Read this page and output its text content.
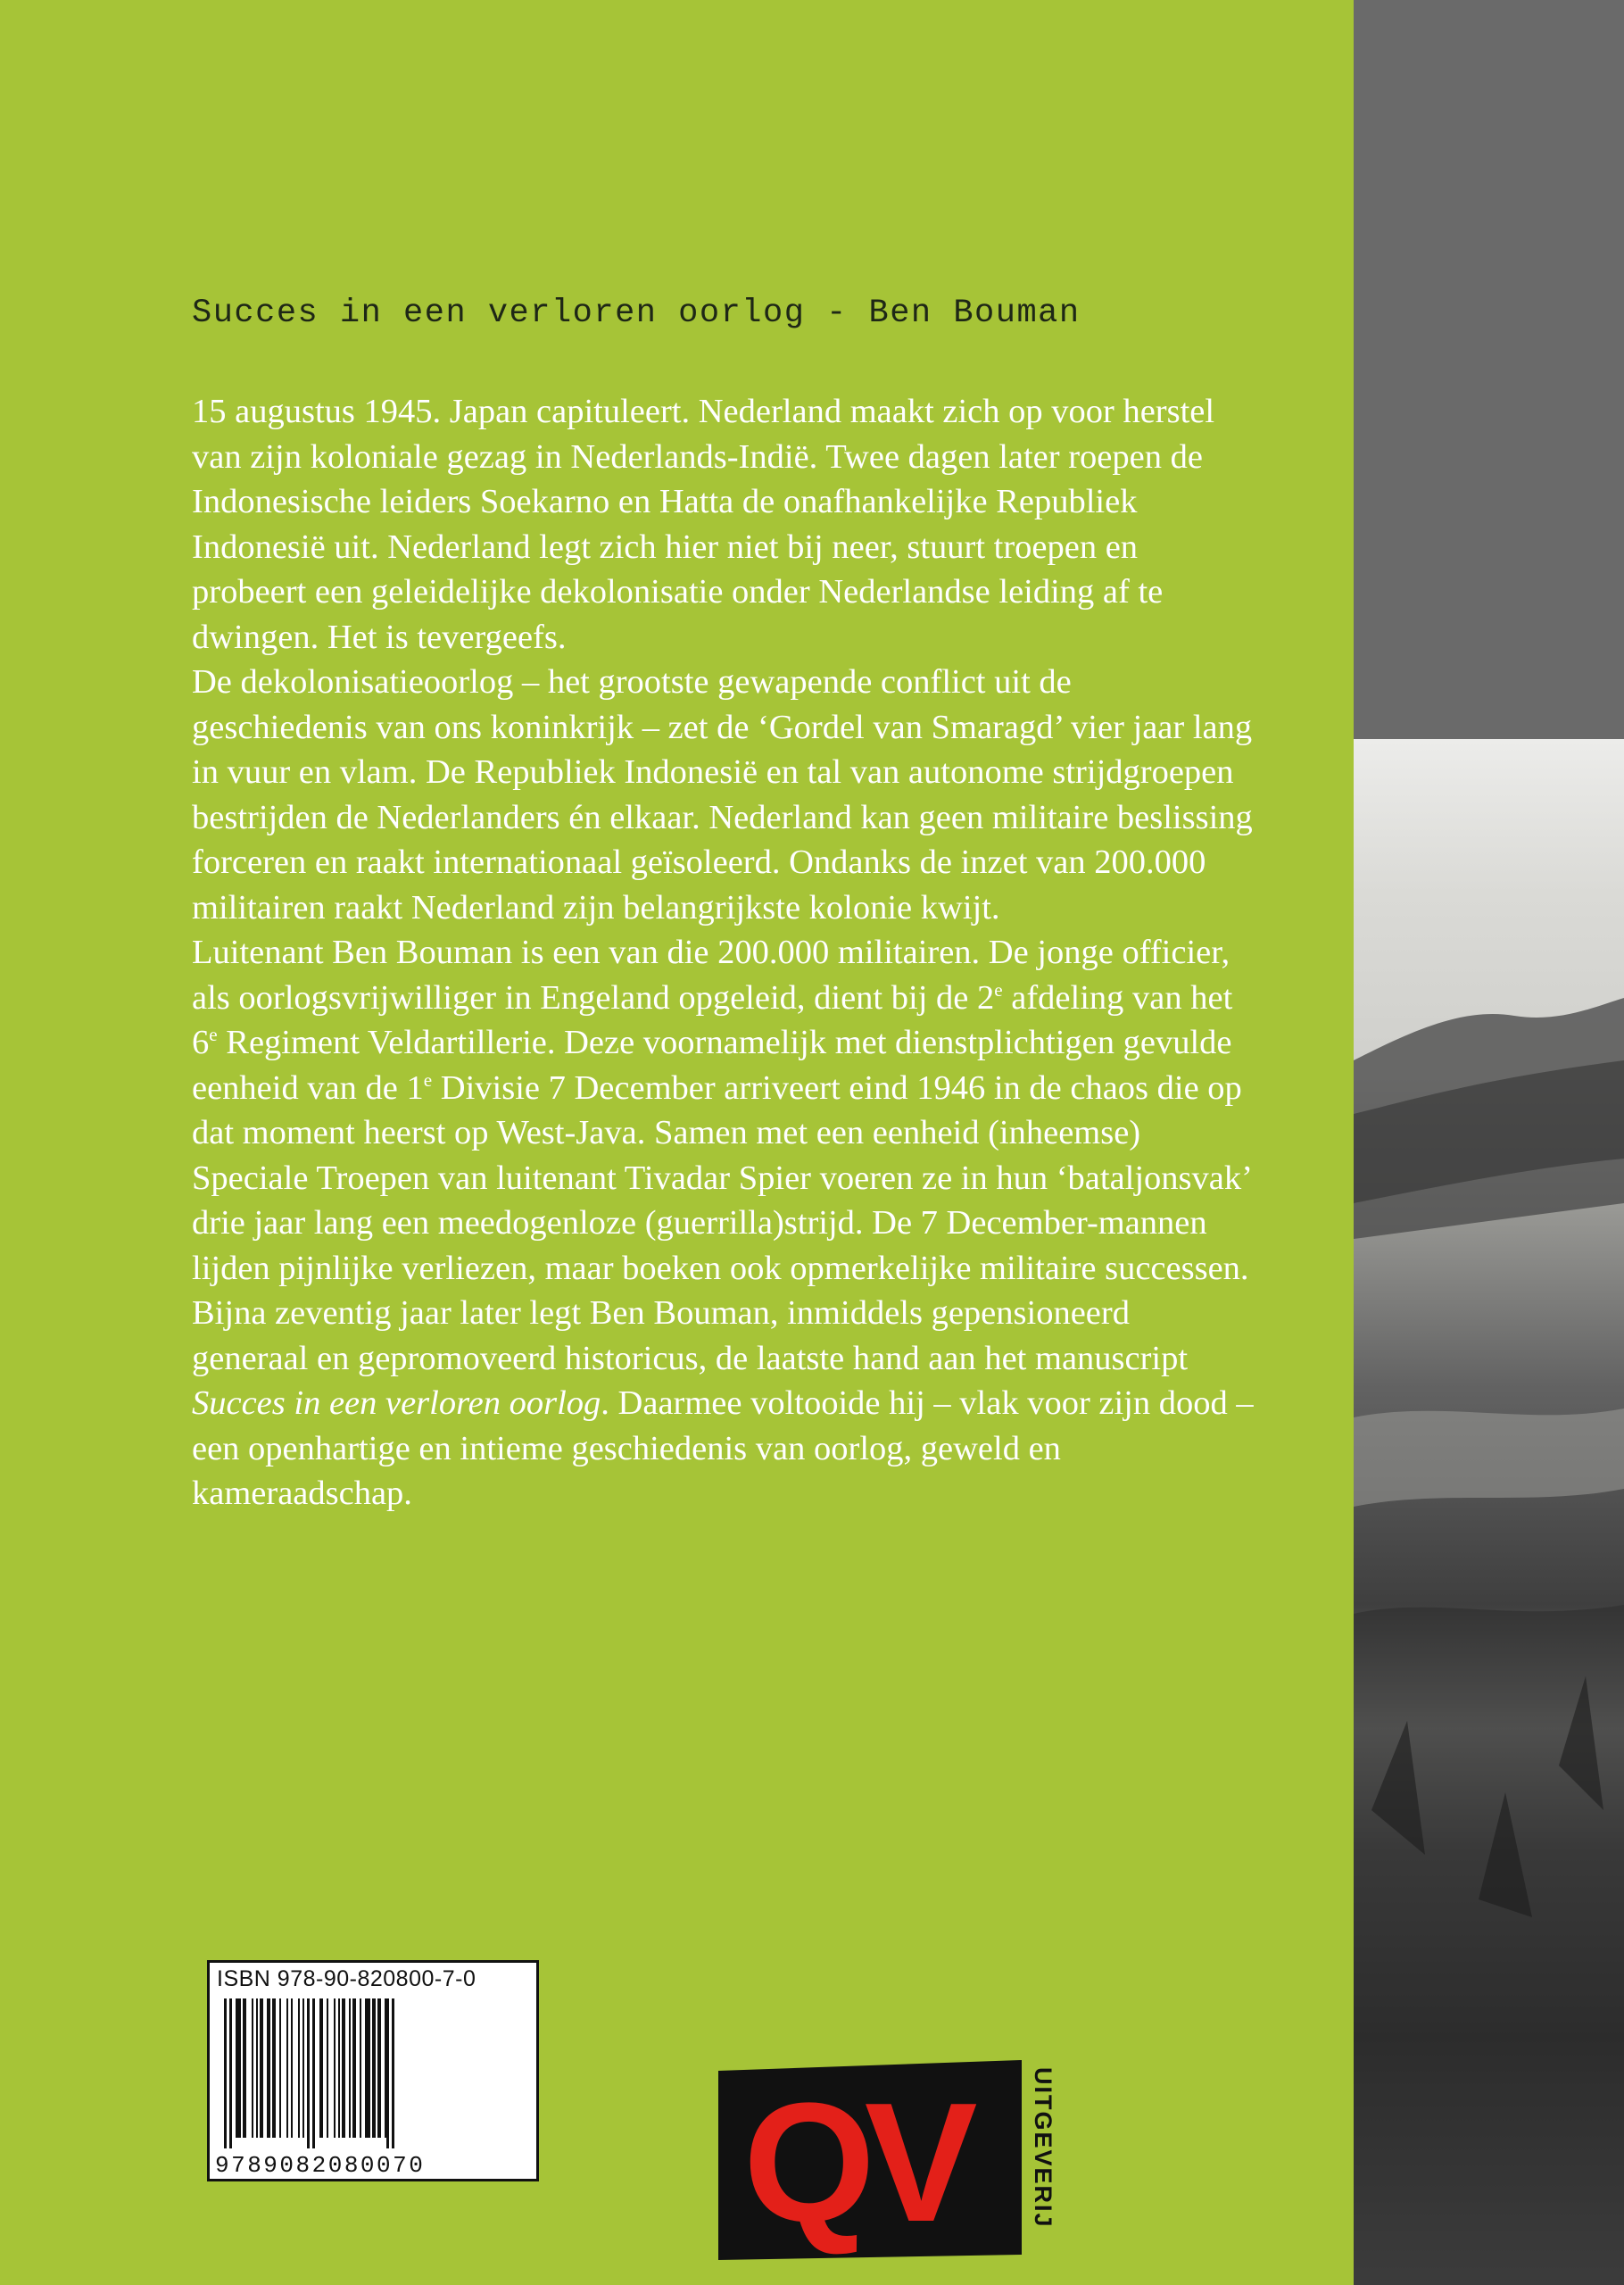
Succes in een verloren oorlog - Ben Bouman

15 augustus 1945. Japan capituleert. Nederland maakt zich op voor herstel van zijn koloniale gezag in Nederlands-Indië. Twee dagen later roepen de Indonesische leiders Soekarno en Hatta de onafhankelijke Republiek Indonesië uit. Nederland legt zich hier niet bij neer, stuurt troepen en probeert een geleidelijke dekolonisatie onder Nederlandse leiding af te dwingen. Het is tevergeefs.

De dekolonisatieoorlog – het grootste gewapende conflict uit de geschiedenis van ons koninkrijk – zet de ‘Gordel van Smaragd’ vier jaar lang in vuur en vlam. De Republiek Indonesië en tal van autonome strijdgroepen bestrijden de Nederlanders én elkaar. Nederland kan geen militaire beslissing forceren en raakt internationaal geïsoleerd. Ondanks de inzet van 200.000 militairen raakt Nederland zijn belangrijkste kolonie kwijt.

Luitenant Ben Bouman is een van die 200.000 militairen. De jonge officier, als oorlogsvrijwilliger in Engeland opgeleid, dient bij de 2e afdeling van het 6e Regiment Veldartillerie. Deze voornamelijk met dienstplichtigen gevulde eenheid van de 1e Divisie 7 December arriveert eind 1946 in de chaos die op dat moment heerst op West-Java. Samen met een eenheid (inheemse) Speciale Troepen van luitenant Tivadar Spier voeren ze in hun ‘bataljonsvak’ drie jaar lang een meedogenloze (guerrilla)strijd. De 7 December-mannen lijden pijnlijke verliezen, maar boeken ook opmerkelijke militaire successen. Bijna zeventig jaar later legt Ben Bouman, inmiddels gepensioneerd generaal en gepromoveerd historicus, de laatste hand aan het manuscript Succes in een verloren oorlog. Daarmee voltooide hij – vlak voor zijn dood – een openhartige en intieme geschiedenis van oorlog, geweld en kameraadschap.

ISBN 978-90-820800-7-0
9789082080070 QV	UITGEVERIJ
